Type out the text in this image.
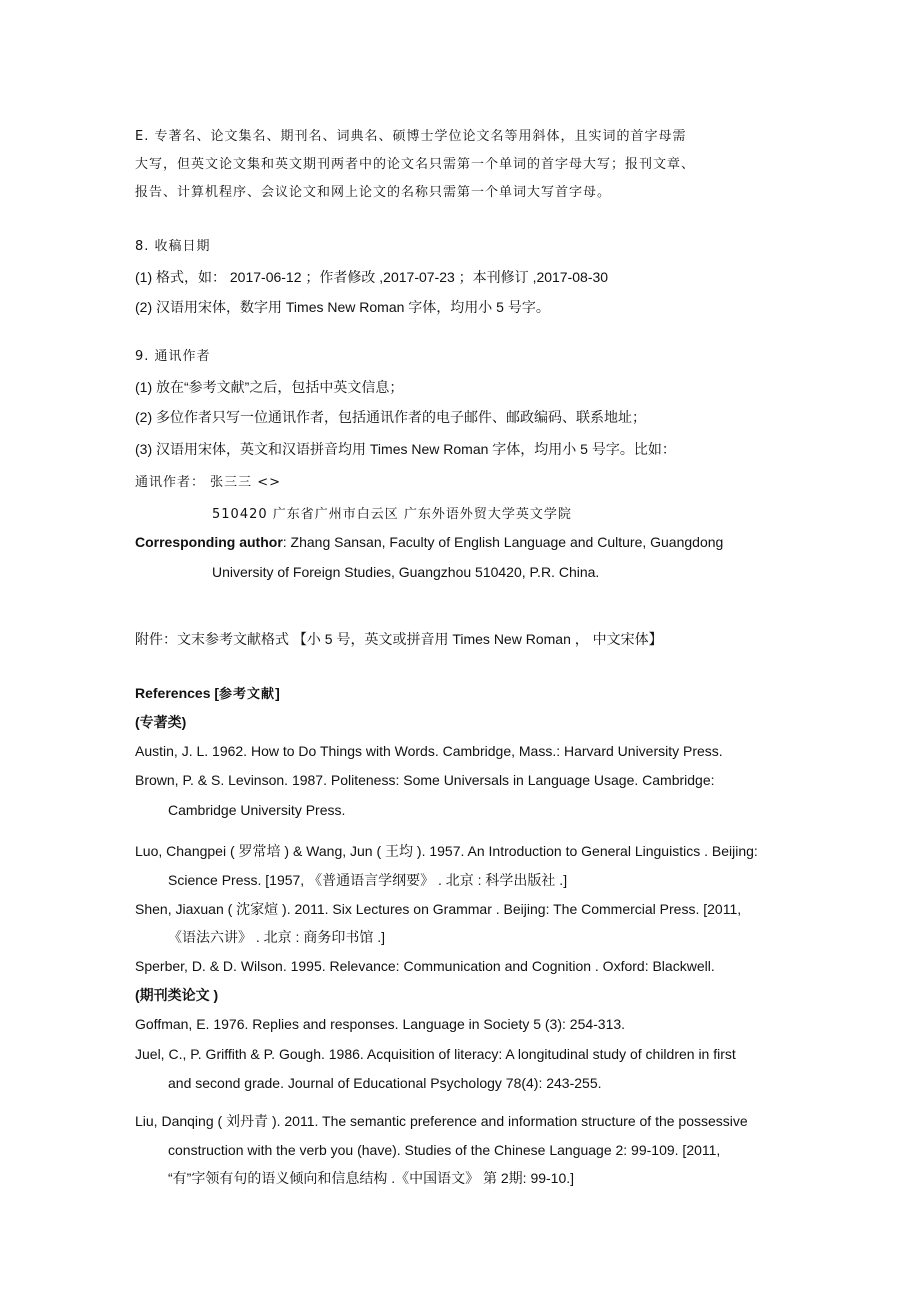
E. 专著名、论文集名、期刊名、词典名、硕博士学位论文名等用斜体，且实词的首字母需
大写，但英文论文集和英文期刊两者中的论文名只需第一个单词的首字母大写；报刊文章、
报告、计算机程序、会议论文和网上论文的名称只需第一个单词大写首字母。
8. 收稿日期
(1) 格式，如： 2017-06-12 ；作者修改 ,2017-07-23 ；本刊修订 ,2017-08-30
(2) 汉语用宋体，数字用 Times New Roman 字体，均用小 5 号字。
9. 通讯作者
(1) 放在“参考文献”之后，包括中英文信息；
(2) 多位作者只写一位通讯作者，包括通讯作者的电子邮件、邮政编码、联系地址；
(3) 汉语用宋体，英文和汉语拼音均用 Times New Roman 字体，均用小 5 号字。比如：
通讯作者： 张三三 <>
510420 广东省广州市白云区 广东外语外贸大学英文学院
Corresponding author: Zhang Sansan, Faculty of English Language and Culture, Guangdong
University of Foreign Studies, Guangzhou 510420, P.R. China.
附件：文末参考文献格式 【小 5 号，英文或拼音用 Times New Roman ， 中文宋体】
References [参考文献]
(专著类)
Austin, J. L. 1962. How to Do Things with Words. Cambridge, Mass.: Harvard University Press.
Brown, P. & S. Levinson. 1987. Politeness: Some Universals in Language Usage. Cambridge:
Cambridge University Press.
Luo, Changpei ( 罗常培 ) & Wang, Jun ( 王均 ). 1957. An Introduction to General Linguistics . Beijing:
Science Press. [1957, 《普通语言学纲要》 . 北京 : 科学出版社 .]
Shen, Jiaxuan ( 沈家煊 ). 2011. Six Lectures on Grammar . Beijing: The Commercial Press. [2011,
《语法六讲》 . 北京 : 商务印书馆 .]
Sperber, D. & D. Wilson. 1995. Relevance: Communication and Cognition . Oxford: Blackwell.
(期刊类论文 )
Goffman, E. 1976. Replies and responses. Language in Society 5 (3): 254-313.
Juel, C., P. Griffith & P. Gough. 1986. Acquisition of literacy: A longitudinal study of children in first
and second grade. Journal of Educational Psychology 78(4): 243-255.
Liu, Danqing ( 刘丹青 ). 2011. The semantic preference and information structure of the possessive
construction with the verb you (have). Studies of the Chinese Language 2: 99-109. [2011,
“有”字领有句的语义倾向和信息结构 .《中国语文》 第 2期: 99-10.]
